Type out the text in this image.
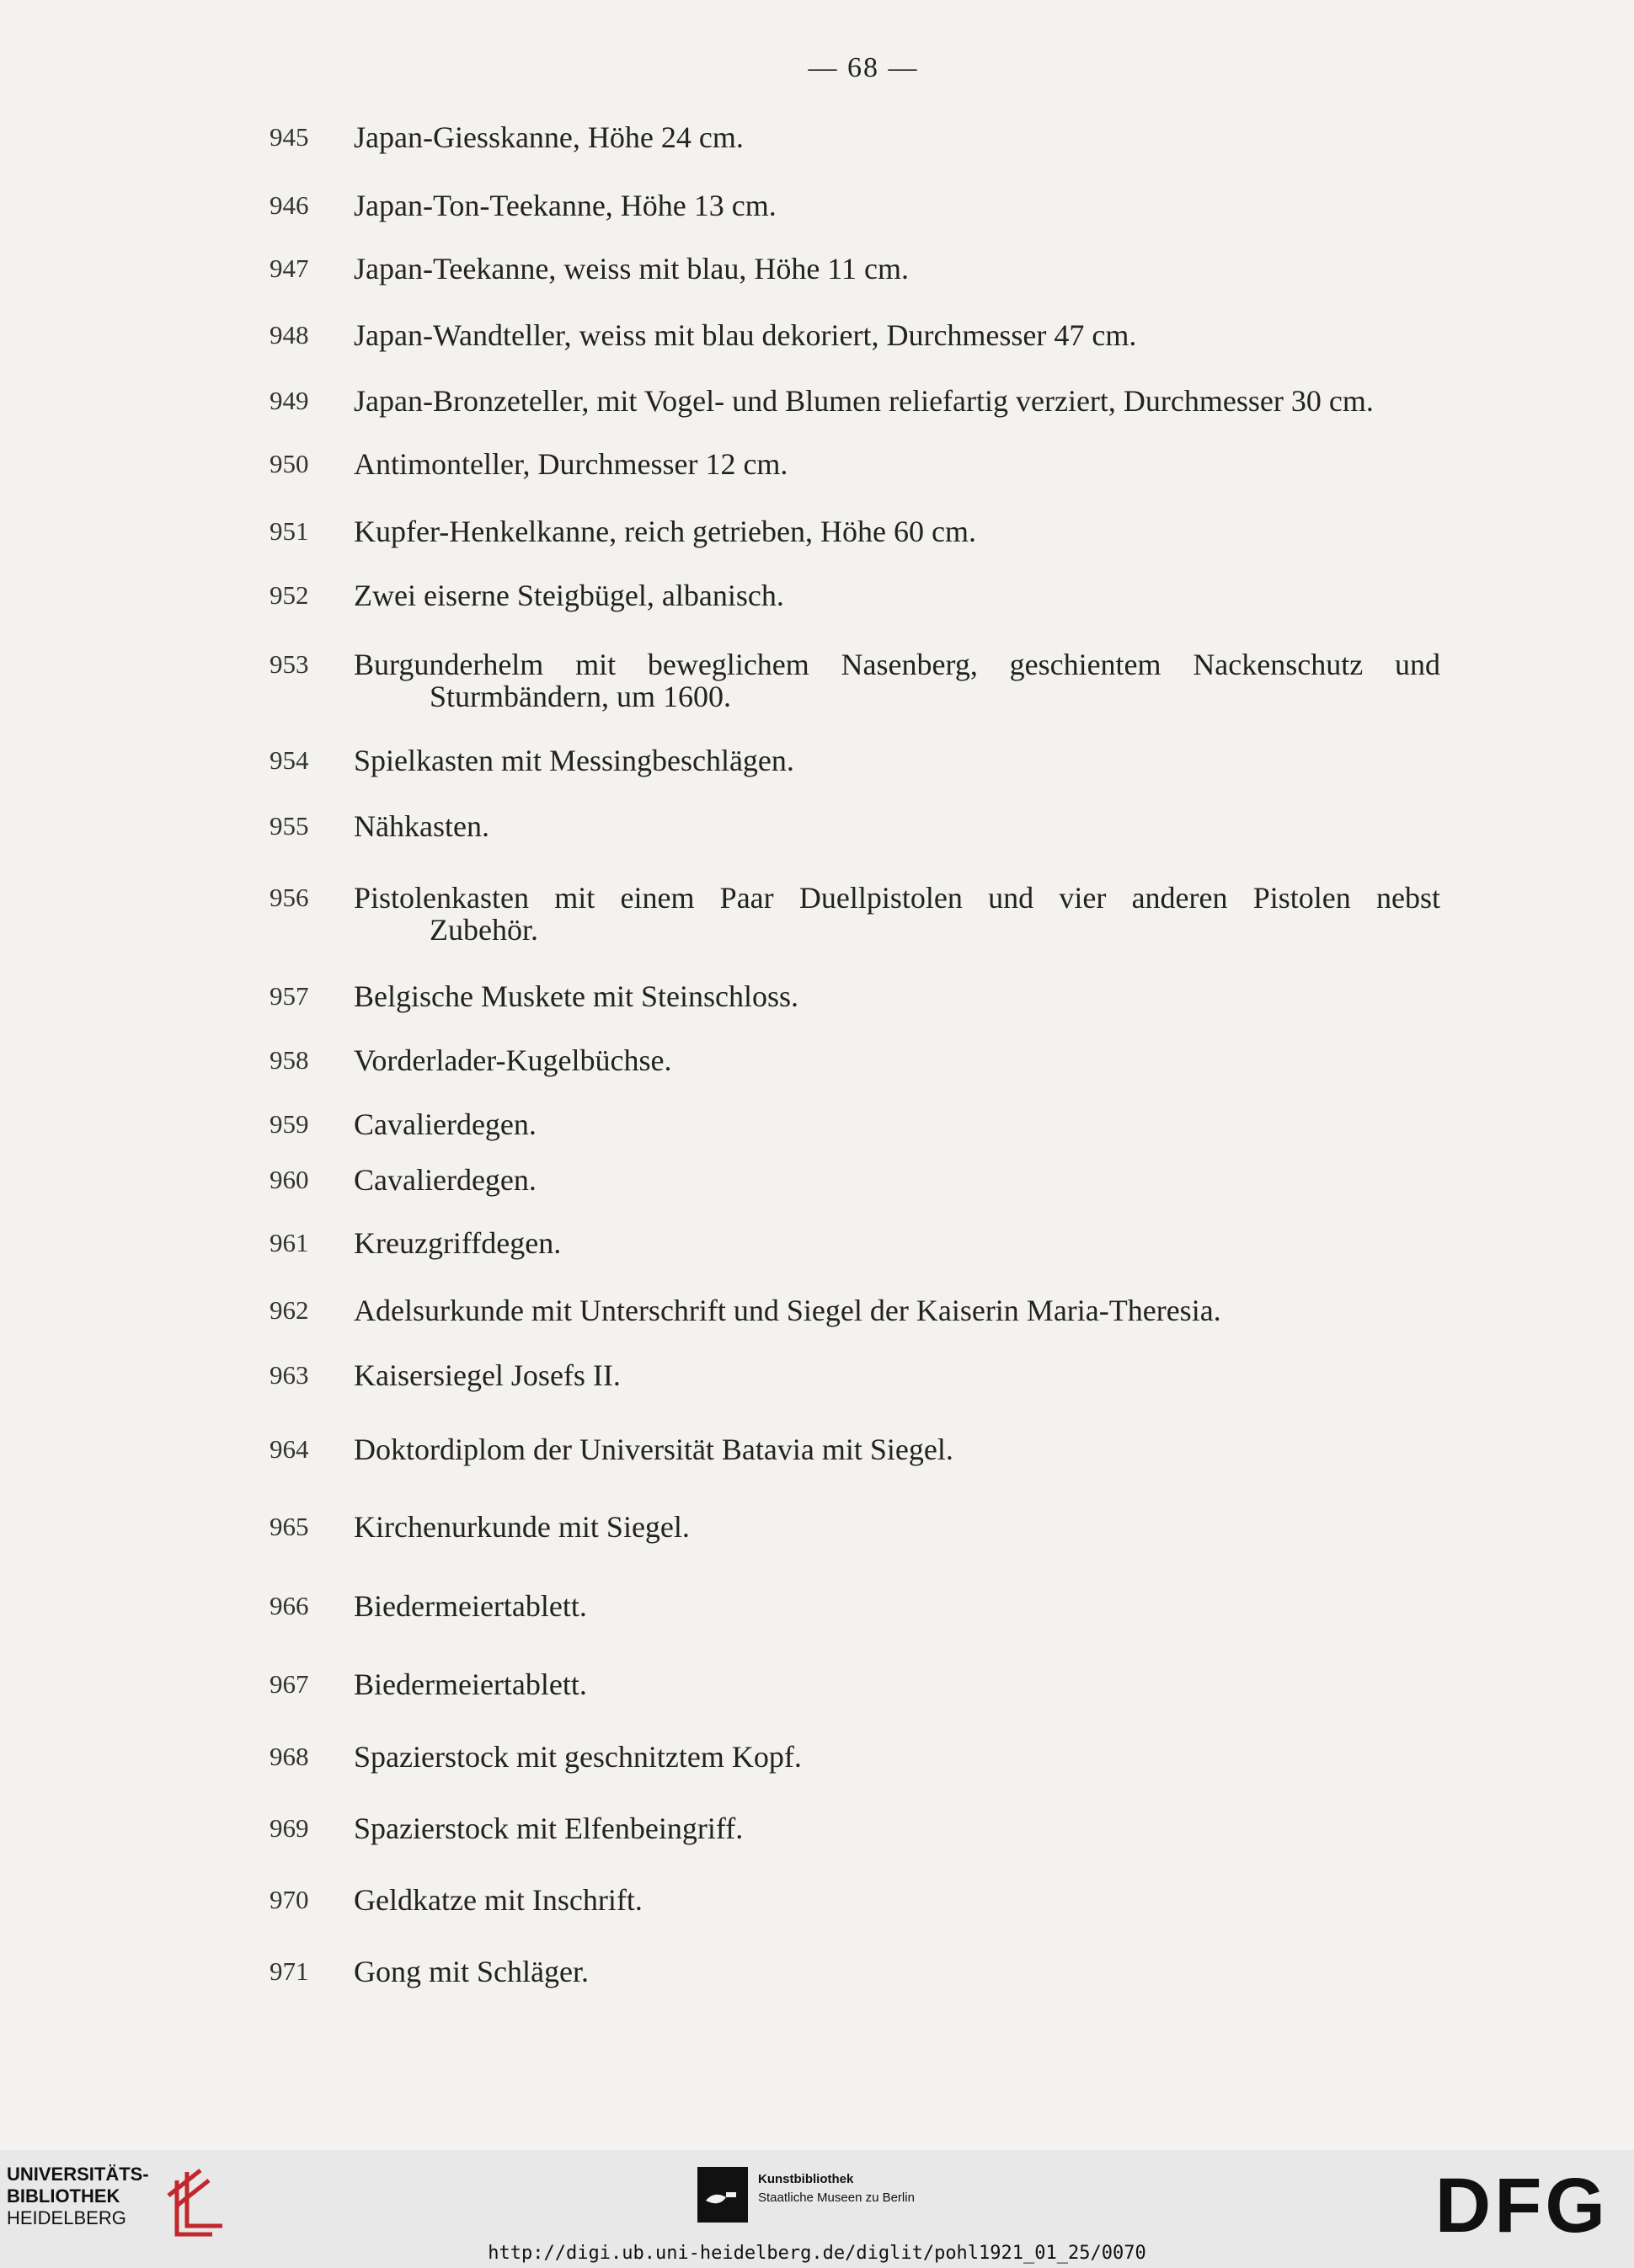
— 68 —
945	Japan-Giesskanne, Höhe 24 cm.
946	Japan-Ton-Teekanne, Höhe 13 cm.
947	Japan-Teekanne, weiss mit blau, Höhe 11 cm.
948	Japan-Wandteller, weiss mit blau dekoriert, Durchmesser 47 cm.
949	Japan-Bronzeteller, mit Vogel- und Blumen reliefartig verziert, Durchmesser 30 cm.
950	Antimonteller, Durchmesser 12 cm.
951	Kupfer-Henkelkanne, reich getrieben, Höhe 60 cm.
952	Zwei eiserne Steigbügel, albanisch.
953	Burgunderhelm mit beweglichem Nasenberg, geschientem Nackenschutz und
Sturmbändern, um 1600.
954	Spielkasten mit Messingbeschlägen.
955	Nähkasten.
956	Pistolenkasten mit einem Paar Duellpistolen und vier anderen Pistolen nebst
Zubehör.
957	Belgische Muskete mit Steinschloss.
958	Vorderlader-Kugelbüchse.
959	Cavalierdegen.
960	Cavalierdegen.
961	Kreuzgriffdegen.
962	Adelsurkunde mit Unterschrift und Siegel der Kaiserin Maria-Theresia.
963	Kaisersiegel Josefs II.
964	Doktordiplom der Universität Batavia mit Siegel.
965	Kirchenurkunde mit Siegel.
966	Biedermeiertablett.
967	Biedermeiertablett.
968	Spazierstock mit geschnitztem Kopf.
969	Spazierstock mit Elfenbeingriff.
970	Geldkatze mit Inschrift.
971	Gong mit Schläger.
UNIVERSITÄTS-
BIBLIOTHEK
HEIDELBERG
Kunstbibliothek
Staatliche Museen zu Berlin	DFG
http://digi.ub.uni-heidelberg.de/diglit/pohl1921_01_25/0070
